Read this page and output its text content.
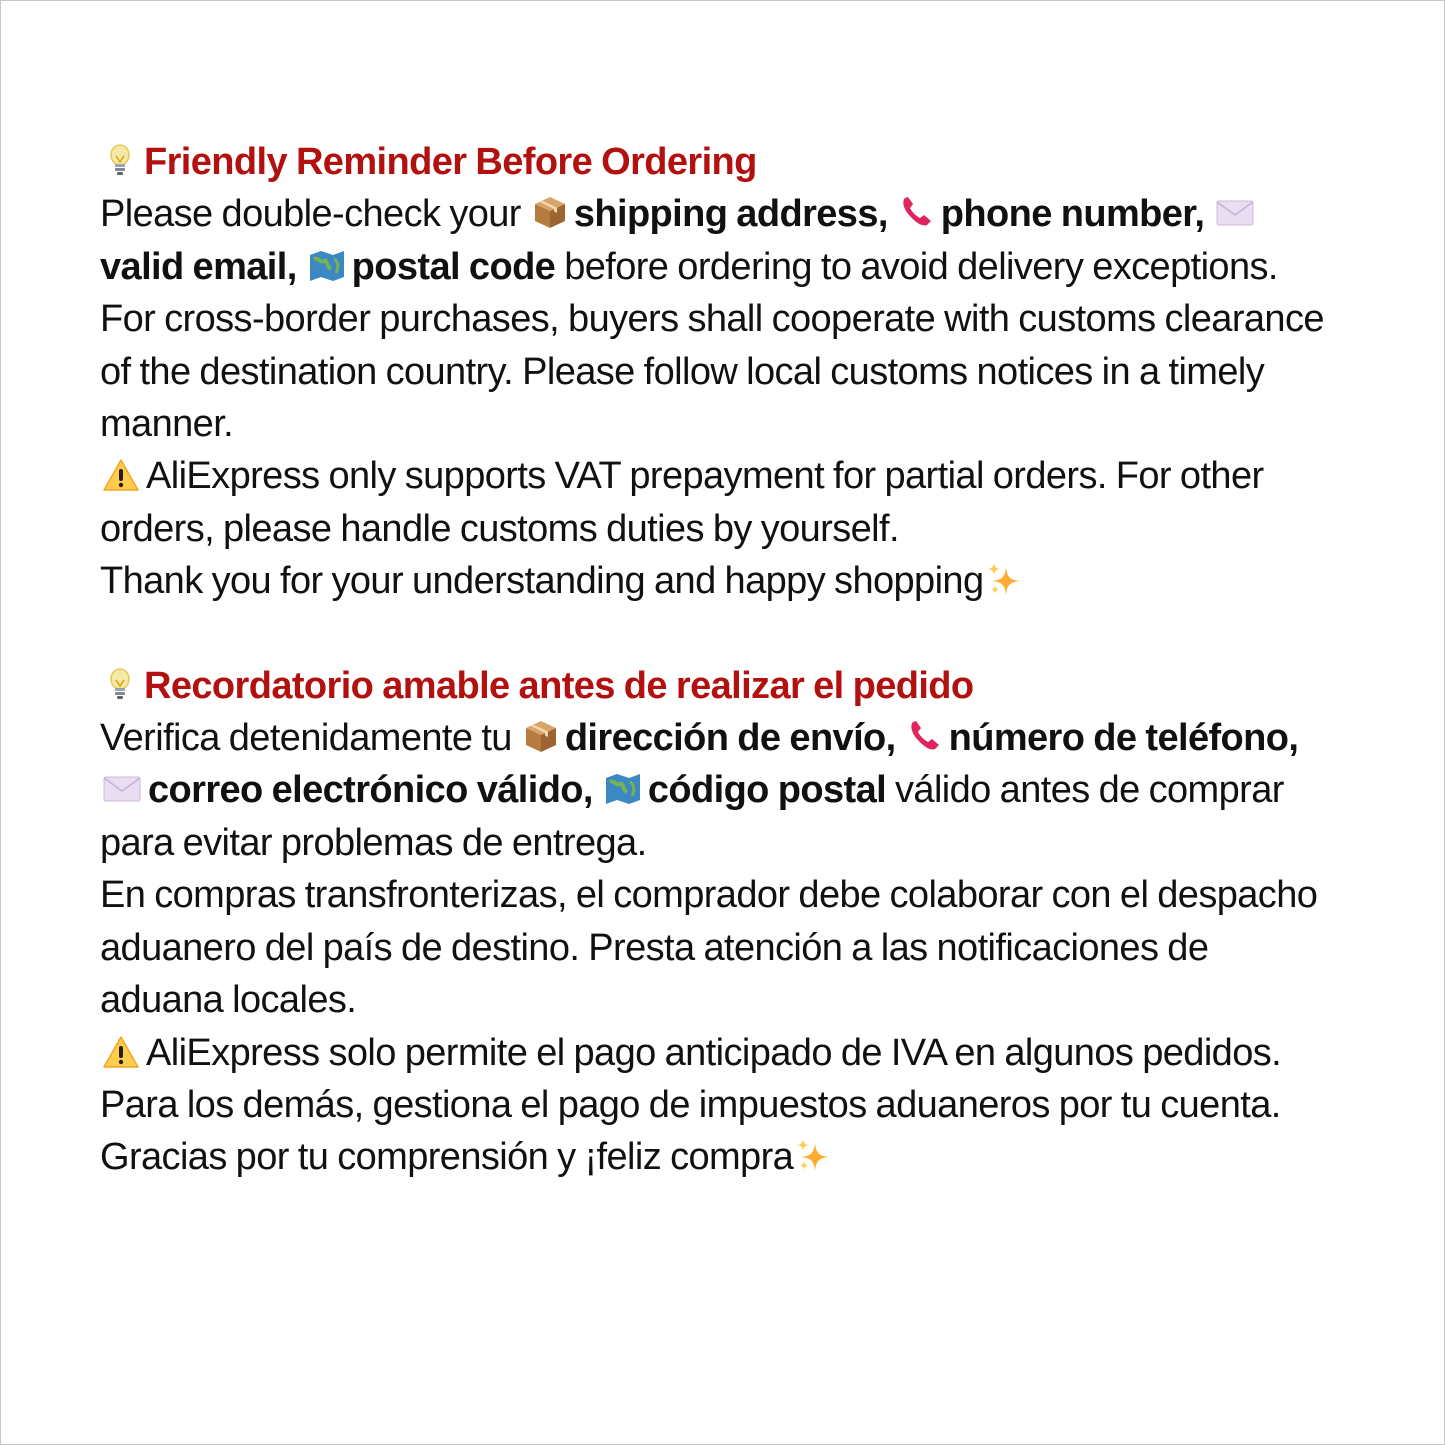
Friendly Reminder Before Ordering

Please double-check your shipping address, phone number,
valid email, postal code before ordering to avoid delivery exceptions.

For cross-border purchases, buyers shall cooperate with customs clearance of the destination country. Please follow local customs notices in a timely manner.

AliExpress only supports VAT prepayment for partial orders. For other orders, please handle customs duties by yourself.

Thank you for your understanding and happy shopping

Recordatorio amable antes de realizar el pedido

Verifica detenidamente tu dirección de envío, número de teléfono,
correo electrónico válido, código postal válido antes de comprar para evitar problemas de entrega.

En compras transfronterizas, el comprador debe colaborar con el despacho aduanero del país de destino. Presta atención a las notificaciones de aduana locales.

AliExpress solo permite el pago anticipado de IVA en algunos pedidos. Para los demás, gestiona el pago de impuestos aduaneros por tu cuenta.

Gracias por tu comprensión y ¡feliz compra
